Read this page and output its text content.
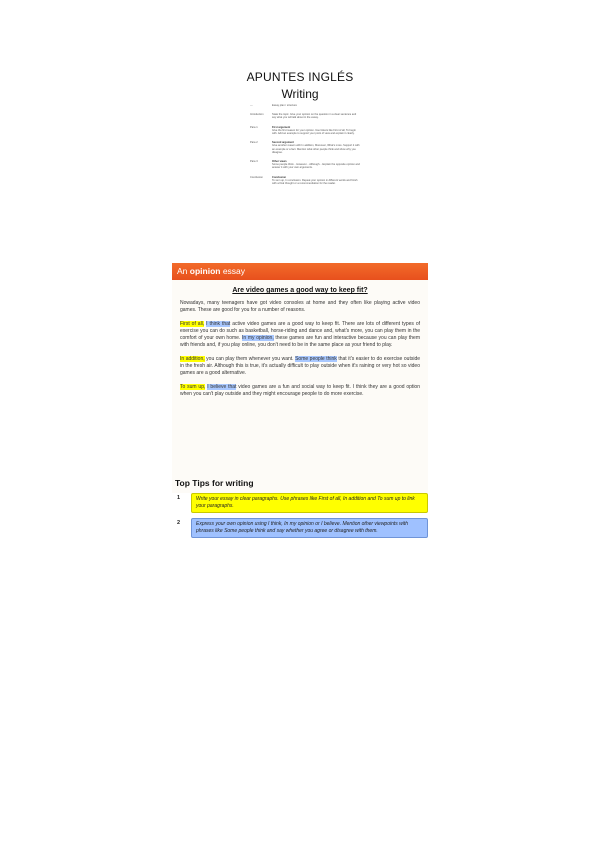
APUNTES INGLÉS
Writing
---	Essay plan / structure
Introduction	State the topic. Give your opinion on the question in a clear sentence and say what you will talk about in the essay.
Para 1	First argument
Give the first reason for your opinion. Use linkers like First of all, To begin with. Add an example to support your point of view and explain it clearly.
Para 2	Second argument
Give another reason with In addition, Moreover, What's more. Support it with an example or a fact. Mention what other people think and show why you disagree.
Para 3	Other views
Some people think... However... Although... Explain the opposite opinion and answer it with your own arguments.
Conclusion	Conclusion
To sum up, In conclusion. Repeat your opinion in different words and finish with a final thought or a recommendation for the reader.
An opinion essay
Are video games a good way to keep fit?
Nowadays, many teenagers have got video consoles at home and they often like playing active video games. These are good for you for a number of reasons.
First of all, I think that active video games are a good way to keep fit. There are lots of different types of exercise you can do such as basketball, horse-riding and dance and, what's more, you can play them in the comfort of your own home. In my opinion, these games are fun and interactive because you can play them with friends and, if you play online, you don't need to be in the same place as your friend to play.
In addition, you can play them whenever you want. Some people think that it's easier to do exercise outside in the fresh air. Although this is true, it's actually difficult to play outside when it's raining or very hot so video games are a good alternative.
To sum up, I believe that video games are a fun and social way to keep fit. I think they are a good option when you can't play outside and they might encourage people to do more exercise.
Top Tips for writing
1	Write your essay in clear paragraphs. Use phrases like First of all, In addition and To sum up to link your paragraphs.
2	Express your own opinion using I think, In my opinion or I believe. Mention other viewpoints with phrases like Some people think and say whether you agree or disagree with them.
